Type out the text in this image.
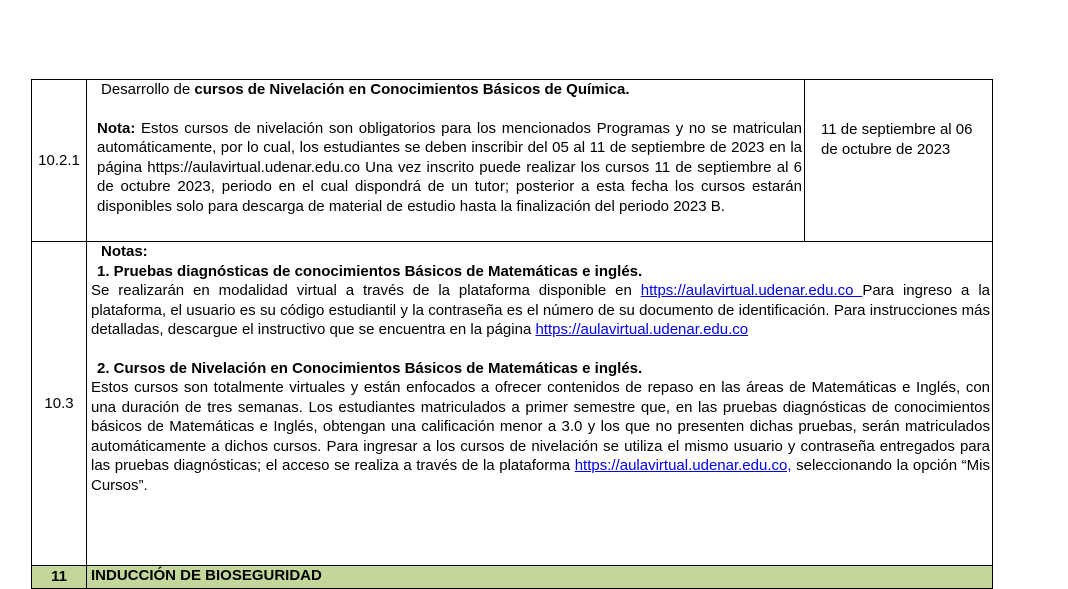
10.2.1	Desarrollo de cursos de Nivelación en Conocimientos Básicos de Química.
Nota: Estos cursos de nivelación son obligatorios para los mencionados Programas y no se matriculan automáticamente, por lo cual, los estudiantes se deben inscribir del 05 al 11 de septiembre de 2023 en la página https://aulavirtual.udenar.edu.co Una vez inscrito puede realizar los cursos 11 de septiembre al 6 de octubre 2023, periodo en el cual dispondrá de un tutor; posterior a esta fecha los cursos estarán disponibles solo para descarga de material de estudio hasta la finalización del periodo 2023 B.	11 de septiembre al 06 de octubre de 2023
10.3	Notas:
1. Pruebas diagnósticas de conocimientos Básicos de Matemáticas e inglés.
Se realizarán en modalidad virtual a través de la plataforma disponible en https://aulavirtual.udenar.edu.co Para ingreso a la plataforma, el usuario es su código estudiantil y la contraseña es el número de su documento de identificación. Para instrucciones más detalladas, descargue el instructivo que se encuentra en la página https://aulavirtual.udenar.edu.co
2. Cursos de Nivelación en Conocimientos Básicos de Matemáticas e inglés.
Estos cursos son totalmente virtuales y están enfocados a ofrecer contenidos de repaso en las áreas de Matemáticas e Inglés, con una duración de tres semanas. Los estudiantes matriculados a primer semestre que, en las pruebas diagnósticas de conocimientos básicos de Matemáticas e Inglés, obtengan una calificación menor a 3.0 y los que no presenten dichas pruebas, serán matriculados automáticamente a dichos cursos. Para ingresar a los cursos de nivelación se utiliza el mismo usuario y contraseña entregados para las pruebas diagnósticas; el acceso se realiza a través de la plataforma https://aulavirtual.udenar.edu.co, seleccionando la opción “Mis Cursos”.	

11	INDUCCIÓN DE BIOSEGURIDAD	
